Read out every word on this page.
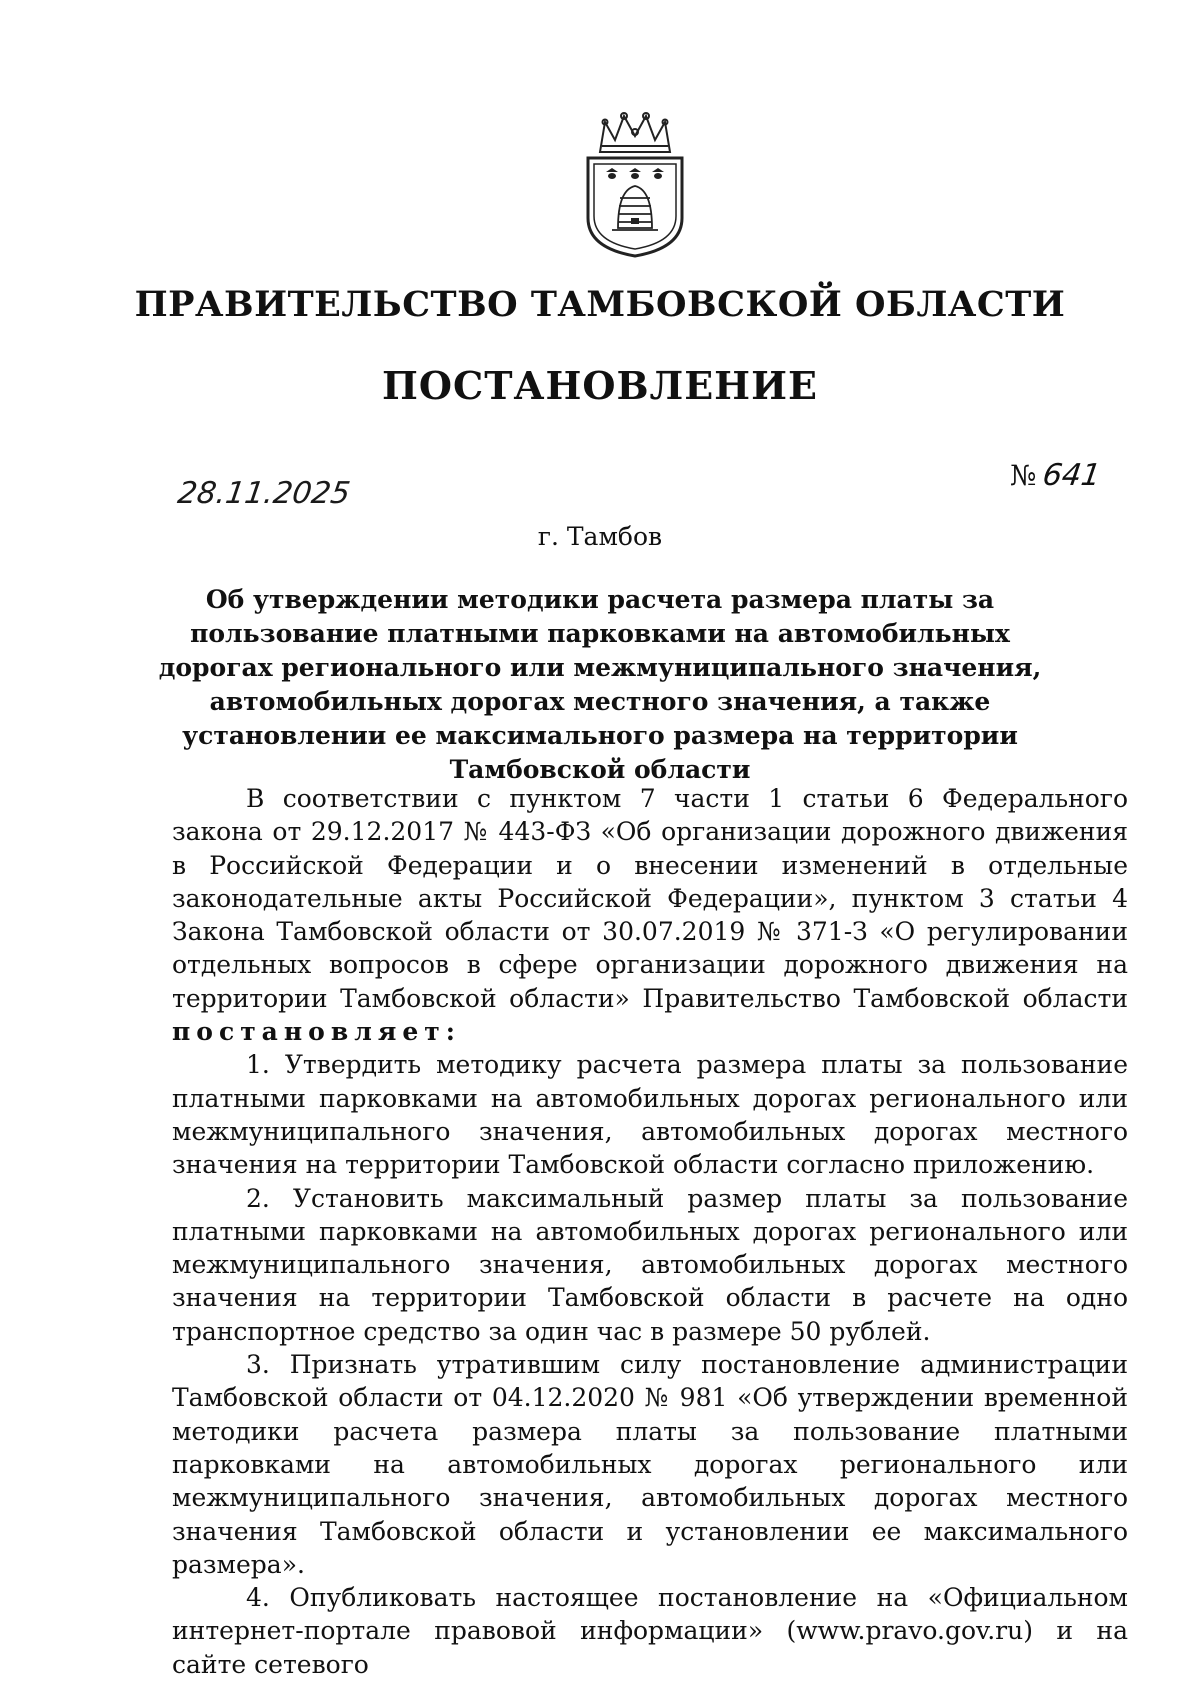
ПРАВИТЕЛЬСТВО ТАМБОВСКОЙ ОБЛАСТИ
ПОСТАНОВЛЕНИЕ
28.11.2025
№ 641
г. Тамбов
Об утверждении методики расчета размера платы за пользование платными парковками на автомобильных дорогах регионального или межмуниципального значения, автомобильных дорогах местного значения, а также установлении ее максимального размера на территории Тамбовской области

В соответствии с пунктом 7 части 1 статьи 6 Федерального закона от 29.12.2017 № 443-ФЗ «Об организации дорожного движения в Российской Федерации и о внесении изменений в отдельные законодательные акты Российской Федерации», пунктом 3 статьи 4 Закона Тамбовской области от 30.07.2019 № 371-З «О регулировании отдельных вопросов в сфере организации дорожного движения на территории Тамбовской области» Правительство Тамбовской области постановляет:

1. Утвердить методику расчета размера платы за пользование платными парковками на автомобильных дорогах регионального или межмуниципального значения, автомобильных дорогах местного значения на территории Тамбовской области согласно приложению.

2. Установить максимальный размер платы за пользование платными парковками на автомобильных дорогах регионального или межмуниципального значения, автомобильных дорогах местного значения на территории Тамбовской области в расчете на одно транспортное средство за один час в размере 50 рублей.

3. Признать утратившим силу постановление администрации Тамбовской области от 04.12.2020 № 981 «Об утверждении временной методики расчета размера платы за пользование платными парковками на автомобильных дорогах регионального или межмуниципального значения, автомобильных дорогах местного значения Тамбовской области и установлении ее максимального размера».

4. Опубликовать настоящее постановление на «Официальном интернет-портале правовой информации» (www.pravo.gov.ru) и на сайте сетевого
